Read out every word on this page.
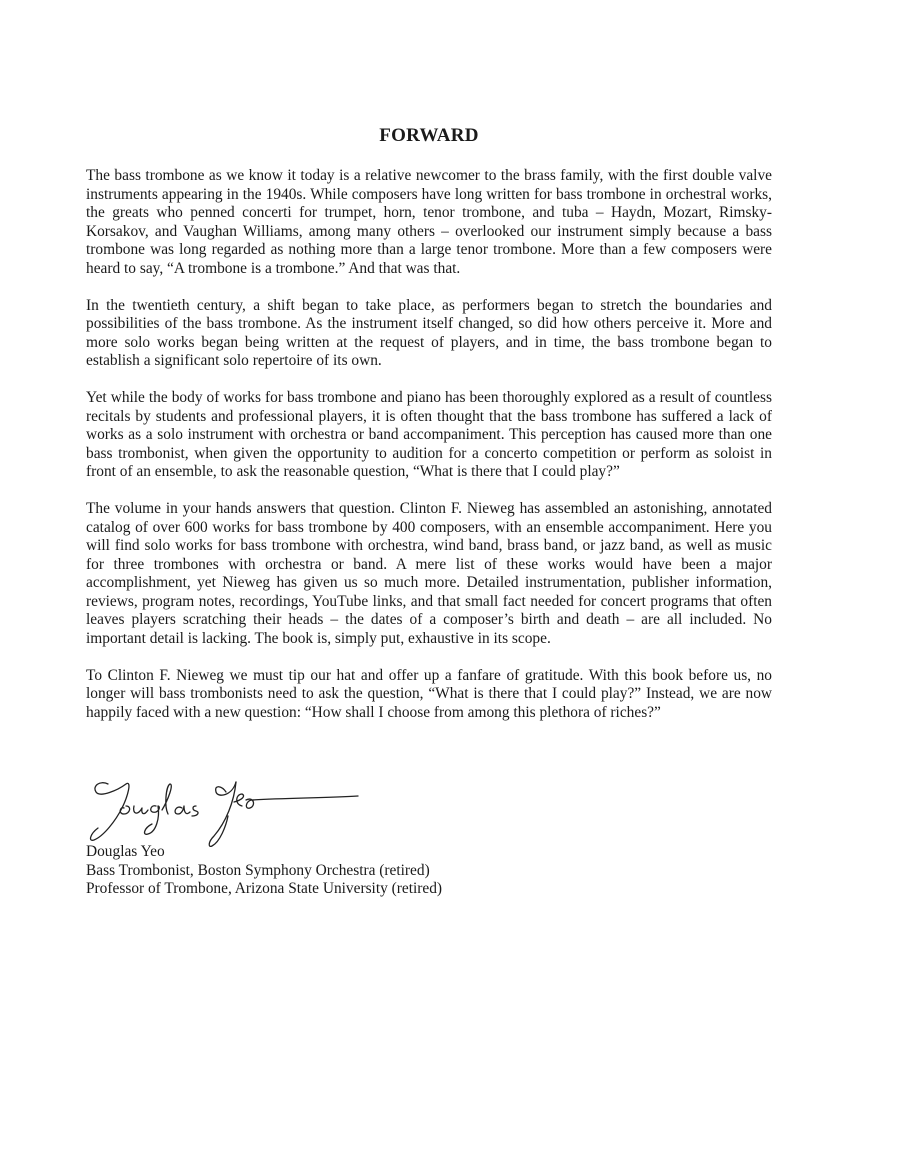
FORWARD

The bass trombone as we know it today is a relative newcomer to the brass family, with the first double valve instruments appearing in the 1940s. While composers have long written for bass trombone in orchestral works, the greats who penned concerti for trumpet, horn, tenor trombone, and tuba – Haydn, Mozart, Rimsky-Korsakov, and Vaughan Williams, among many others – overlooked our instrument simply because a bass trombone was long regarded as nothing more than a large tenor trombone. More than a few composers were heard to say, “A trombone is a trombone.” And that was that.

In the twentieth century, a shift began to take place, as performers began to stretch the boundaries and possibilities of the bass trombone. As the instrument itself changed, so did how others perceive it. More and more solo works began being written at the request of players, and in time, the bass trombone began to establish a significant solo repertoire of its own.

Yet while the body of works for bass trombone and piano has been thoroughly explored as a result of countless recitals by students and professional players, it is often thought that the bass trombone has suffered a lack of works as a solo instrument with orchestra or band accompaniment. This perception has caused more than one bass trombonist, when given the opportunity to audition for a concerto competition or perform as soloist in front of an ensemble, to ask the reasonable question, “What is there that I could play?”

The volume in your hands answers that question. Clinton F. Nieweg has assembled an astonishing, annotated catalog of over 600 works for bass trombone by 400 composers, with an ensemble accompaniment. Here you will find solo works for bass trombone with orchestra, wind band, brass band, or jazz band, as well as music for three trombones with orchestra or band. A mere list of these works would have been a major accomplishment, yet Nieweg has given us so much more. Detailed instrumentation, publisher information, reviews, program notes, recordings, YouTube links, and that small fact needed for concert programs that often leaves players scratching their heads – the dates of a composer’s birth and death – are all included. No important detail is lacking. The book is, simply put, exhaustive in its scope.

To Clinton F. Nieweg we must tip our hat and offer up a fanfare of gratitude. With this book before us, no longer will bass trombonists need to ask the question, “What is there that I could play?” Instead, we are now happily faced with a new question: “How shall I choose from among this plethora of riches?”

Douglas Yeo
Bass Trombonist, Boston Symphony Orchestra (retired)
Professor of Trombone, Arizona State University (retired)
